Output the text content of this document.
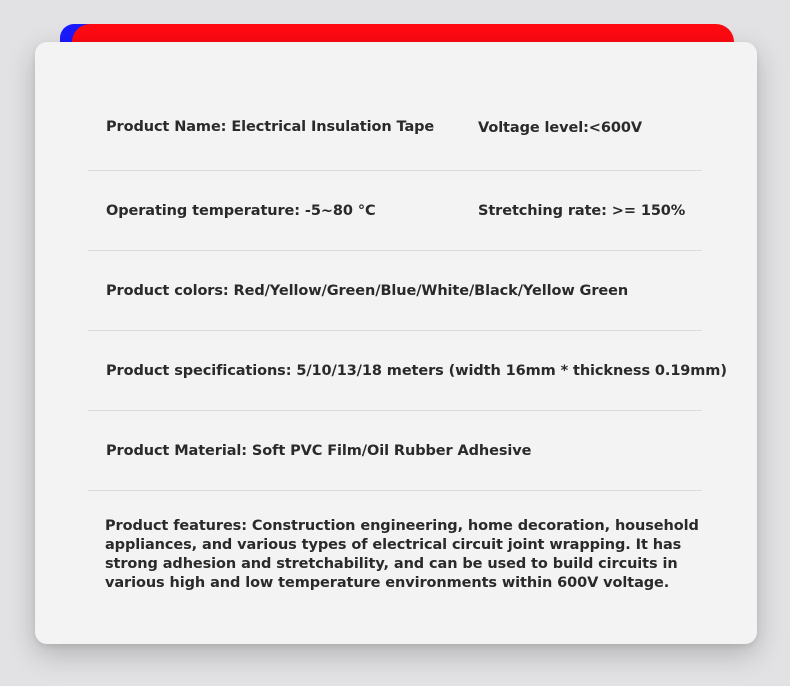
Product Name: Electrical Insulation Tape	Voltage level:<600V
Operating temperature: -5~80 °C	Stretching rate: >= 150%
Product colors: Red/Yellow/Green/Blue/White/Black/Yellow Green
Product specifications: 5/10/13/18 meters (width 16mm * thickness 0.19mm)
Product Material: Soft PVC Film/Oil Rubber Adhesive
Product features: Construction engineering, home decoration, household appliances, and various types of electrical circuit joint wrapping. It has strong adhesion and stretchability, and can be used to build circuits in various high and low temperature environments within 600V voltage.
